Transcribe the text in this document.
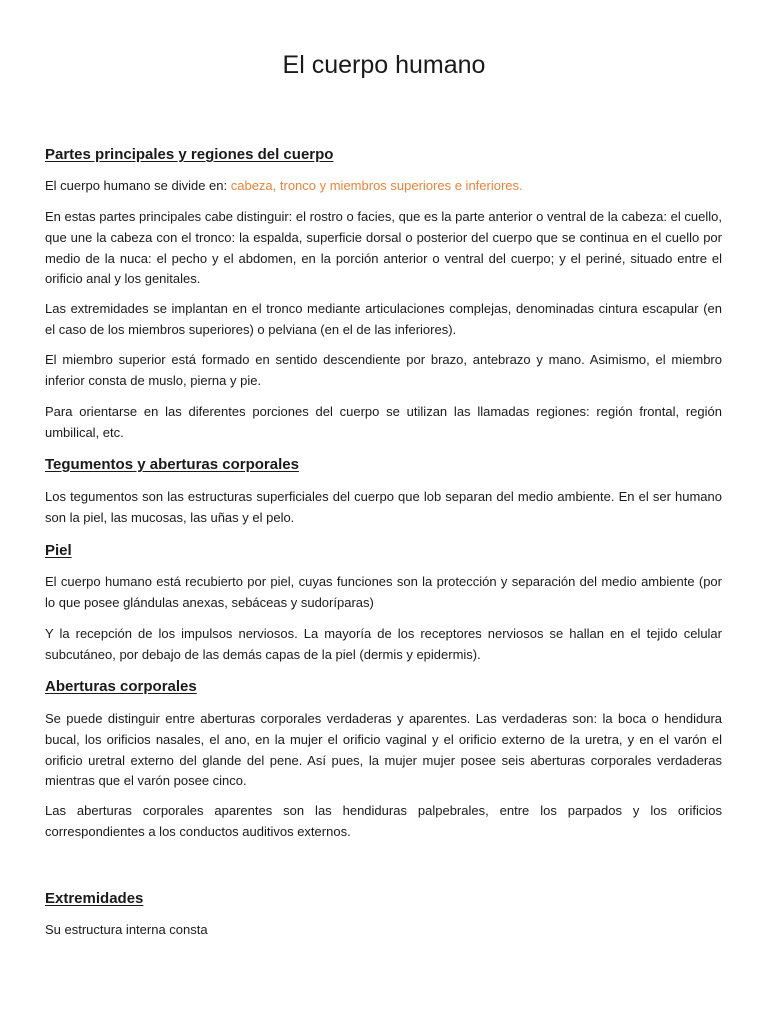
El cuerpo humano
Partes principales y regiones del cuerpo

El cuerpo humano se divide en: cabeza, tronco y miembros superiores e inferiores.

En estas partes principales cabe distinguir: el rostro o facies, que es la parte anterior o ventral de la cabeza: el cuello, que une la cabeza con el tronco: la espalda, superficie dorsal o posterior del cuerpo que se continua en el cuello por medio de la nuca: el pecho y el abdomen, en la porción anterior o ventral del cuerpo; y el periné, situado entre el orificio anal y los genitales.

Las extremidades se implantan en el tronco mediante articulaciones complejas, denominadas cintura escapular (en el caso de los miembros superiores) o pelviana (en el de las inferiores).

El miembro superior está formado en sentido descendiente por brazo, antebrazo y mano. Asimismo, el miembro inferior consta de muslo, pierna y pie.

Para orientarse en las diferentes porciones del cuerpo se utilizan las llamadas regiones: región frontal, región umbilical, etc.

Tegumentos y aberturas corporales

Los tegumentos son las estructuras superficiales del cuerpo que lob separan del medio ambiente. En el ser humano son la piel, las mucosas, las uñas y el pelo.

Piel

El cuerpo humano está recubierto por piel, cuyas funciones son la protección y separación del medio ambiente (por lo que posee glándulas anexas, sebáceas y sudoríparas)

Y la recepción de los impulsos nerviosos. La mayoría de los receptores nerviosos se hallan en el tejido celular subcutáneo, por debajo de las demás capas de la piel (dermis y epidermis).

Aberturas corporales

Se puede distinguir entre aberturas corporales verdaderas y aparentes. Las verdaderas son: la boca o hendidura bucal, los orificios nasales, el ano, en la mujer el orificio vaginal y el orificio externo de la uretra, y en el varón el orificio uretral externo del glande del pene. Así pues, la mujer mujer posee seis aberturas corporales verdaderas mientras que el varón posee cinco.

Las aberturas corporales aparentes son las hendiduras palpebrales, entre los parpados y los orificios correspondientes a los conductos auditivos externos.

Extremidades

Su estructura interna consta
